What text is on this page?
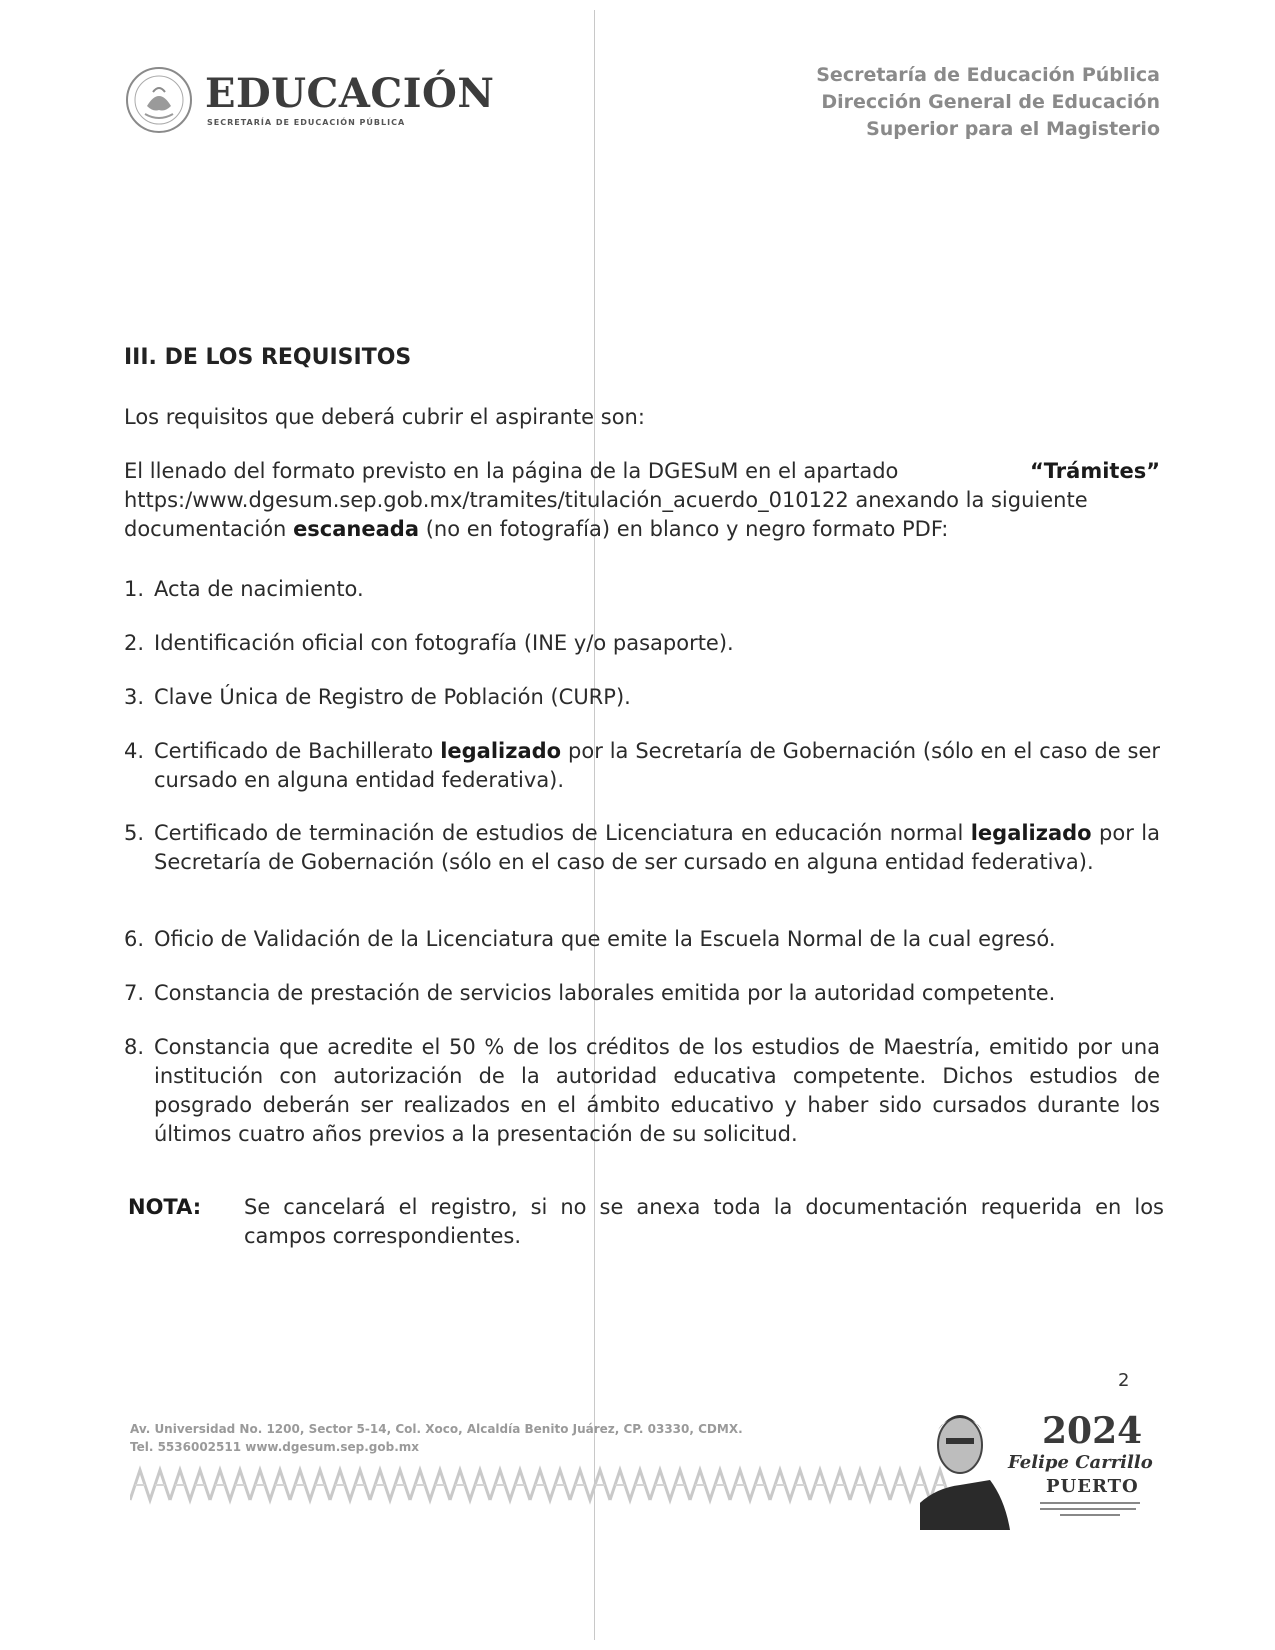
EDUCACIÓN
SECRETARÍA DE EDUCACIÓN PÚBLICA
Secretaría de Educación Pública
Dirección General de Educación
Superior para el Magisterio
III. DE LOS REQUISITOS
Los requisitos que deberá cubrir el aspirante son:
El llenado del formato previsto en la página de la DGESuM en el apartado	“Trámites”
https:/www.dgesum.sep.gob.mx/tramites/titulación_acuerdo_010122 anexando la siguiente
documentación escaneada (no en fotografía) en blanco y negro formato PDF:
1. Acta de nacimiento.
2. Identificación oficial con fotografía (INE y/o pasaporte).
3. Clave Única de Registro de Población (CURP).
4. Certificado de Bachillerato legalizado por la Secretaría de Gobernación (sólo en el caso de ser cursado en alguna entidad federativa).
5. Certificado de terminación de estudios de Licenciatura en educación normal legalizado por la Secretaría de Gobernación (sólo en el caso de ser cursado en alguna entidad federativa).
6. Oficio de Validación de la Licenciatura que emite la Escuela Normal de la cual egresó.
7. Constancia de prestación de servicios laborales emitida por la autoridad competente.
8. Constancia que acredite el 50 % de los créditos de los estudios de Maestría, emitido por una institución con autorización de la autoridad educativa competente. Dichos estudios de posgrado deberán ser realizados en el ámbito educativo y haber sido cursados durante los últimos cuatro años previos a la presentación de su solicitud.
NOTA: Se cancelará el registro, si no se anexa toda la documentación requerida en los campos correspondientes.
2
Av. Universidad No. 1200, Sector 5-14, Col. Xoco, Alcaldía Benito Juárez, CP. 03330, CDMX.
Tel. 5536002511 www.dgesum.sep.gob.mx	2024
Felipe Carrillo
PUERTO
